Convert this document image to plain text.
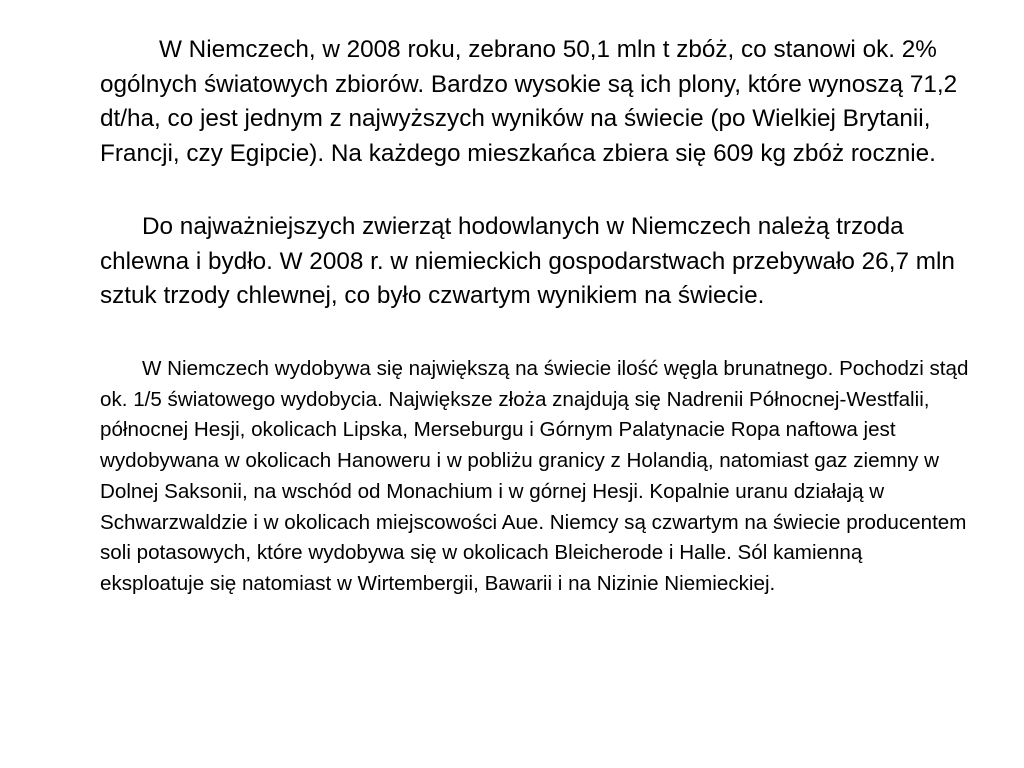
W Niemczech, w 2008 roku, zebrano 50,1 mln t zbóż, co stanowi ok. 2% ogólnych światowych zbiorów. Bardzo wysokie są ich plony, które wynoszą 71,2 dt/ha, co jest jednym z najwyższych wyników na świecie (po Wielkiej Brytanii, Francji, czy Egipcie). Na każdego mieszkańca zbiera się 609 kg zbóż rocznie.

Do najważniejszych zwierząt hodowlanych w Niemczech należą trzoda chlewna i bydło. W 2008 r. w niemieckich gospodarstwach przebywało 26,7 mln sztuk trzody chlewnej, co było czwartym wynikiem na świecie.

W Niemczech wydobywa się największą na świecie ilość węgla brunatnego. Pochodzi stąd ok. 1/5 światowego wydobycia. Największe złoża znajdują się Nadrenii Północnej-Westfalii, północnej Hesji, okolicach Lipska, Merseburgu i Górnym Palatynacie Ropa naftowa jest wydobywana w okolicach Hanoweru i w pobliżu granicy z Holandią, natomiast gaz ziemny w Dolnej Saksonii, na wschód od Monachium i w górnej Hesji. Kopalnie uranu działają w Schwarzwaldzie i w okolicach miejscowości Aue. Niemcy są czwartym na świecie producentem soli potasowych, które wydobywa się w okolicach Bleicherode i Halle. Sól kamienną eksploatuje się natomiast w Wirtembergii, Bawarii i na Nizinie Niemieckiej.
